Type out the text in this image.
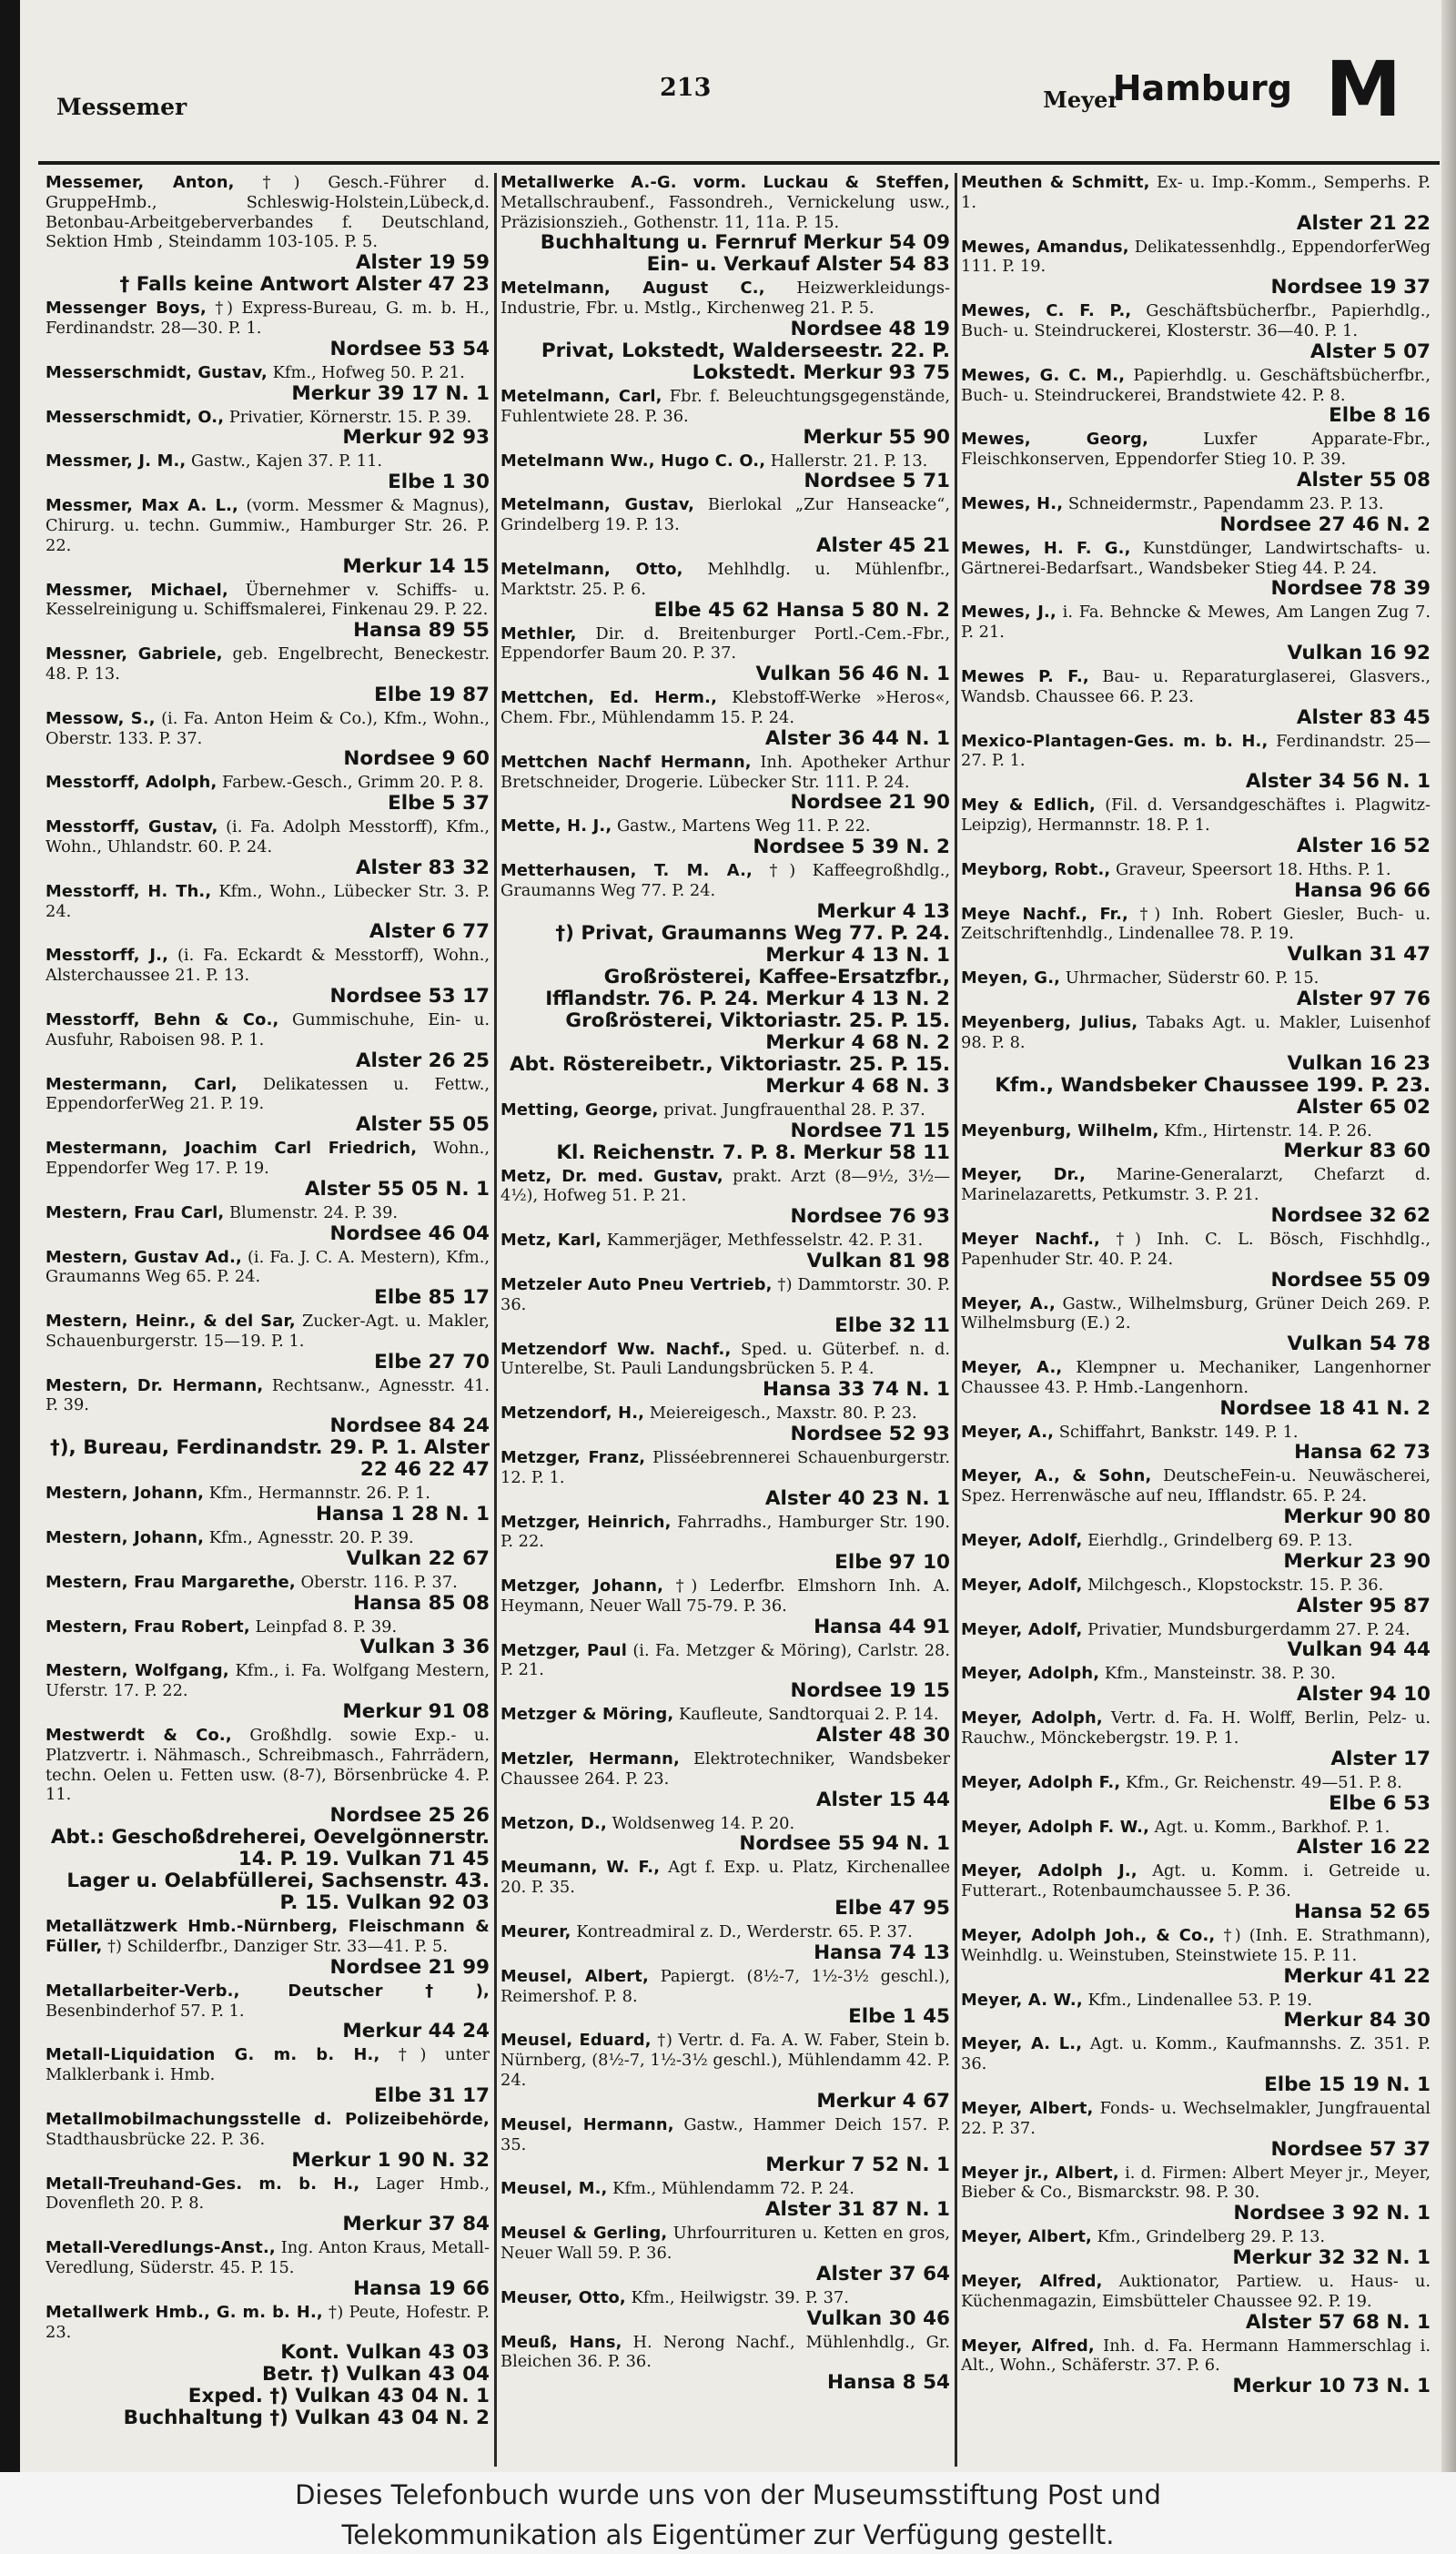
Messemer
213	Meyer
Hamburg M

Messemer, Anton, †) Gesch.-Führer d. GruppeHmb., Schleswig-Holstein,Lübeck,d. Betonbau-Arbeitgeberverbandes f. Deutschland, Sektion Hmb , Steindamm 103-105. P. 5.
Alster 19 59
† Falls keine Antwort Alster 47 23

Messenger Boys, †) Express-Bureau, G. m. b. H., Ferdinandstr. 28—30. P. 1.
Nordsee 53 54

Messerschmidt, Gustav, Kfm., Hofweg 50. P. 21.
Merkur 39 17 N. 1

Messerschmidt, O., Privatier, Körnerstr. 15. P. 39.
Merkur 92 93

Messmer, J. M., Gastw., Kajen 37. P. 11.
Elbe 1 30

Messmer, Max A. L., (vorm. Messmer & Magnus), Chirurg. u. techn. Gummiw., Hamburger Str. 26. P. 22.
Merkur 14 15

Messmer, Michael, Übernehmer v. Schiffs- u. Kesselreinigung u. Schiffsmalerei, Finkenau 29. P. 22.
Hansa 89 55

Messner, Gabriele, geb. Engelbrecht, Beneckestr. 48. P. 13.
Elbe 19 87

Messow, S., (i. Fa. Anton Heim & Co.), Kfm., Wohn., Oberstr. 133. P. 37.
Nordsee 9 60

Messtorff, Adolph, Farbew.-Gesch., Grimm 20. P. 8.
Elbe 5 37

Messtorff, Gustav, (i. Fa. Adolph Messtorff), Kfm., Wohn., Uhlandstr. 60. P. 24.
Alster 83 32

Messtorff, H. Th., Kfm., Wohn., Lübecker Str. 3. P. 24.
Alster 6 77

Messtorff, J., (i. Fa. Eckardt & Messtorff), Wohn., Alsterchaussee 21. P. 13.
Nordsee 53 17

Messtorff, Behn & Co., Gummischuhe, Ein- u. Ausfuhr, Raboisen 98. P. 1.
Alster 26 25

Mestermann, Carl, Delikatessen u. Fettw., EppendorferWeg 21. P. 19.
Alster 55 05

Mestermann, Joachim Carl Friedrich, Wohn., Eppendorfer Weg 17. P. 19.
Alster 55 05 N. 1

Mestern, Frau Carl, Blumenstr. 24. P. 39.
Nordsee 46 04

Mestern, Gustav Ad., (i. Fa. J. C. A. Mestern), Kfm., Graumanns Weg 65. P. 24.
Elbe 85 17

Mestern, Heinr., & del Sar, Zucker-Agt. u. Makler, Schauenburgerstr. 15—19. P. 1.
Elbe 27 70

Mestern, Dr. Hermann, Rechtsanw., Agnesstr. 41. P. 39.
Nordsee 84 24
†), Bureau, Ferdinandstr. 29. P. 1. Alster 22 46 22 47

Mestern, Johann, Kfm., Hermannstr. 26. P. 1.
Hansa 1 28 N. 1

Mestern, Johann, Kfm., Agnesstr. 20. P. 39.
Vulkan 22 67

Mestern, Frau Margarethe, Oberstr. 116. P. 37.
Hansa 85 08

Mestern, Frau Robert, Leinpfad 8. P. 39.
Vulkan 3 36

Mestern, Wolfgang, Kfm., i. Fa. Wolfgang Mestern, Uferstr. 17. P. 22.
Merkur 91 08

Mestwerdt & Co., Großhdlg. sowie Exp.- u. Platzvertr. i. Nähmasch., Schreibmasch., Fahrrädern, techn. Oelen u. Fetten usw. (8-7), Börsenbrücke 4. P. 11.
Nordsee 25 26
Abt.: Geschoßdreherei, Oevelgönnerstr. 14. P. 19. Vulkan 71 45
Lager u. Oelabfüllerei, Sachsenstr. 43. P. 15. Vulkan 92 03

Metallätzwerk Hmb.-Nürnberg, Fleischmann & Füller, †) Schilderfbr., Danziger Str. 33—41. P. 5.
Nordsee 21 99

Metallarbeiter-Verb., Deutscher†), Besenbinderhof 57. P. 1.
Merkur 44 24

Metall-Liquidation G. m. b. H., †) unter Malklerbank i. Hmb.
Elbe 31 17

Metallmobilmachungsstelle d. Polizeibehörde, Stadthausbrücke 22. P. 36.
Merkur 1 90 N. 32

Metall-Treuhand-Ges. m. b. H., Lager Hmb., Dovenfleth 20. P. 8.
Merkur 37 84

Metall-Veredlungs-Anst., Ing. Anton Kraus, Metall-Veredlung, Süderstr. 45. P. 15.
Hansa 19 66

Metallwerk Hmb., G. m. b. H., †) Peute, Hofestr. P. 23.
Kont. Vulkan 43 03
Betr. †) Vulkan 43 04
Exped. †) Vulkan 43 04 N. 1
Buchhaltung †) Vulkan 43 04 N. 2

Metallwerke A.-G. vorm. Luckau & Steffen, Metallschraubenf., Fassondreh., Vernickelung usw., Präzisionszieh., Gothenstr. 11, 11a. P. 15.
Buchhaltung u. Fernruf Merkur 54 09
Ein- u. Verkauf Alster 54 83

Metelmann, August C., Heizwerkleidungs-Industrie, Fbr. u. Mstlg., Kirchenweg 21. P. 5.
Nordsee 48 19
Privat, Lokstedt, Walderseestr. 22. P. Lokstedt. Merkur 93 75

Metelmann, Carl, Fbr. f. Beleuchtungsgegenstände, Fuhlentwiete 28. P. 36.
Merkur 55 90

Metelmann Ww., Hugo C. O., Hallerstr. 21. P. 13.
Nordsee 5 71

Metelmann, Gustav, Bierlokal „Zur Hanseacke“, Grindelberg 19. P. 13.
Alster 45 21

Metelmann, Otto, Mehlhdlg. u. Mühlenfbr., Marktstr. 25. P. 6.
Elbe 45 62 Hansa 5 80 N. 2

Methler, Dir. d. Breitenburger Portl.-Cem.-Fbr., Eppendorfer Baum 20. P. 37.
Vulkan 56 46 N. 1

Mettchen, Ed. Herm., Klebstoff-Werke »Heros«, Chem. Fbr., Mühlendamm 15. P. 24.
Alster 36 44 N. 1

Mettchen Nachf Hermann, Inh. Apotheker Arthur Bretschneider, Drogerie. Lübecker Str. 111. P. 24.
Nordsee 21 90

Mette, H. J., Gastw., Martens Weg 11. P. 22.
Nordsee 5 39 N. 2

Metterhausen, T. M. A., †) Kaffeegroßhdlg., Graumanns Weg 77. P. 24.
Merkur 4 13
†) Privat, Graumanns Weg 77. P. 24. Merkur 4 13 N. 1
Großrösterei, Kaffee-Ersatzfbr., Ifflandstr. 76. P. 24. Merkur 4 13 N. 2
Großrösterei, Viktoriastr. 25. P. 15. Merkur 4 68 N. 2
Abt. Röstereibetr., Viktoriastr. 25. P. 15. Merkur 4 68 N. 3

Metting, George, privat. Jungfrauenthal 28. P. 37.
Nordsee 71 15
Kl. Reichenstr. 7. P. 8. Merkur 58 11

Metz, Dr. med. Gustav, prakt. Arzt (8—9½, 3½—4½), Hofweg 51. P. 21.
Nordsee 76 93

Metz, Karl, Kammerjäger, Methfesselstr. 42. P. 31.
Vulkan 81 98

Metzeler Auto Pneu Vertrieb, †) Dammtorstr. 30. P. 36.
Elbe 32 11

Metzendorf Ww. Nachf., Sped. u. Güterbef. n. d. Unterelbe, St. Pauli Landungsbrücken 5. P. 4.
Hansa 33 74 N. 1

Metzendorf, H., Meiereigesch., Maxstr. 80. P. 23.
Nordsee 52 93

Metzger, Franz, Plisséebrennerei Schauenburgerstr. 12. P. 1.
Alster 40 23 N. 1

Metzger, Heinrich, Fahrradhs., Hamburger Str. 190. P. 22.
Elbe 97 10

Metzger, Johann, †) Lederfbr. Elmshorn Inh. A. Heymann, Neuer Wall 75-79. P. 36.
Hansa 44 91

Metzger, Paul (i. Fa. Metzger & Möring), Carlstr. 28. P. 21.
Nordsee 19 15

Metzger & Möring, Kaufleute, Sandtorquai 2. P. 14.
Alster 48 30

Metzler, Hermann, Elektrotechniker, Wandsbeker Chaussee 264. P. 23.
Alster 15 44

Metzon, D., Woldsenweg 14. P. 20.
Nordsee 55 94 N. 1

Meumann, W. F., Agt f. Exp. u. Platz, Kirchenallee 20. P. 35.
Elbe 47 95

Meurer, Kontreadmiral z. D., Werderstr. 65. P. 37.
Hansa 74 13

Meusel, Albert, Papiergt. (8½-7, 1½-3½ geschl.), Reimershof. P. 8.
Elbe 1 45

Meusel, Eduard, †) Vertr. d. Fa. A. W. Faber, Stein b. Nürnberg, (8½-7, 1½-3½ geschl.), Mühlendamm 42. P. 24.
Merkur 4 67

Meusel, Hermann, Gastw., Hammer Deich 157. P. 35.
Merkur 7 52 N. 1

Meusel, M., Kfm., Mühlendamm 72. P. 24.
Alster 31 87 N. 1

Meusel & Gerling, Uhrfourrituren u. Ketten en gros, Neuer Wall 59. P. 36.
Alster 37 64

Meuser, Otto, Kfm., Heilwigstr. 39. P. 37.
Vulkan 30 46

Meuß, Hans, H. Nerong Nachf., Mühlenhdlg., Gr. Bleichen 36. P. 36.
Hansa 8 54

Meuthen & Schmitt, Ex- u. Imp.-Komm., Semperhs. P. 1.
Alster 21 22

Mewes, Amandus, Delikatessenhdlg., EppendorferWeg 111. P. 19.
Nordsee 19 37

Mewes, C. F. P., Geschäftsbücherfbr., Papierhdlg., Buch- u. Steindruckerei, Klosterstr. 36—40. P. 1.
Alster 5 07

Mewes, G. C. M., Papierhdlg. u. Geschäftsbücherfbr., Buch- u. Steindruckerei, Brandstwiete 42. P. 8.
Elbe 8 16

Mewes, Georg, Luxfer Apparate-Fbr., Fleischkonserven, Eppendorfer Stieg 10. P. 39.
Alster 55 08

Mewes, H., Schneidermstr., Papendamm 23. P. 13.
Nordsee 27 46 N. 2

Mewes, H. F. G., Kunstdünger, Landwirtschafts- u. Gärtnerei-Bedarfsart., Wandsbeker Stieg 44. P. 24.
Nordsee 78 39

Mewes, J., i. Fa. Behncke & Mewes, Am Langen Zug 7. P. 21.
Vulkan 16 92

Mewes P. F., Bau- u. Reparaturglaserei, Glasvers., Wandsb. Chaussee 66. P. 23.
Alster 83 45

Mexico-Plantagen-Ges. m. b. H., Ferdinandstr. 25—27. P. 1.
Alster 34 56 N. 1

Mey & Edlich, (Fil. d. Versandgeschäftes i. Plagwitz-Leipzig), Hermannstr. 18. P. 1.
Alster 16 52

Meyborg, Robt., Graveur, Speersort 18. Hths. P. 1.
Hansa 96 66

Meye Nachf., Fr., †) Inh. Robert Giesler, Buch- u. Zeitschriftenhdlg., Lindenallee 78. P. 19.
Vulkan 31 47

Meyen, G., Uhrmacher, Süderstr 60. P. 15.
Alster 97 76

Meyenberg, Julius, Tabaks Agt. u. Makler, Luisenhof 98. P. 8.
Vulkan 16 23
Kfm., Wandsbeker Chaussee 199. P. 23. Alster 65 02

Meyenburg, Wilhelm, Kfm., Hirtenstr. 14. P. 26.
Merkur 83 60

Meyer, Dr., Marine-Generalarzt, Chefarzt d. Marinelazaretts, Petkumstr. 3. P. 21.
Nordsee 32 62

Meyer Nachf., †) Inh. C. L. Bösch, Fischhdlg., Papenhuder Str. 40. P. 24.
Nordsee 55 09

Meyer, A., Gastw., Wilhelmsburg, Grüner Deich 269. P. Wilhelmsburg (E.) 2.
Vulkan 54 78

Meyer, A., Klempner u. Mechaniker, Langenhorner Chaussee 43. P. Hmb.-Langenhorn.
Nordsee 18 41 N. 2

Meyer, A., Schiffahrt, Bankstr. 149. P. 1.
Hansa 62 73

Meyer, A., & Sohn, DeutscheFein-u. Neuwäscherei, Spez. Herrenwäsche auf neu, Ifflandstr. 65. P. 24.
Merkur 90 80

Meyer, Adolf, Eierhdlg., Grindelberg 69. P. 13.
Merkur 23 90

Meyer, Adolf, Milchgesch., Klopstockstr. 15. P. 36.
Alster 95 87

Meyer, Adolf, Privatier, Mundsburgerdamm 27. P. 24.
Vulkan 94 44

Meyer, Adolph, Kfm., Mansteinstr. 38. P. 30.
Alster 94 10

Meyer, Adolph, Vertr. d. Fa. H. Wolff, Berlin, Pelz- u. Rauchw., Mönckebergstr. 19. P. 1.
Alster 17

Meyer, Adolph F., Kfm., Gr. Reichenstr. 49—51. P. 8.
Elbe 6 53

Meyer, Adolph F. W., Agt. u. Komm., Barkhof. P. 1.
Alster 16 22

Meyer, Adolph J., Agt. u. Komm. i. Getreide u. Futterart., Rotenbaumchaussee 5. P. 36.
Hansa 52 65

Meyer, Adolph Joh., & Co., †) (Inh. E. Strathmann), Weinhdlg. u. Weinstuben, Steinstwiete 15. P. 11.
Merkur 41 22

Meyer, A. W., Kfm., Lindenallee 53. P. 19.
Merkur 84 30

Meyer, A. L., Agt. u. Komm., Kaufmannshs. Z. 351. P. 36.
Elbe 15 19 N. 1

Meyer, Albert, Fonds- u. Wechselmakler, Jungfrauental 22. P. 37.
Nordsee 57 37

Meyer jr., Albert, i. d. Firmen: Albert Meyer jr., Meyer, Bieber & Co., Bismarckstr. 98. P. 30.
Nordsee 3 92 N. 1

Meyer, Albert, Kfm., Grindelberg 29. P. 13.
Merkur 32 32 N. 1

Meyer, Alfred, Auktionator, Partiew. u. Haus- u. Küchenmagazin, Eimsbütteler Chaussee 92. P. 19.
Alster 57 68 N. 1

Meyer, Alfred, Inh. d. Fa. Hermann Hammerschlag i. Alt., Wohn., Schäferstr. 37. P. 6.
Merkur 10 73 N. 1

Dieses Telefonbuch wurde uns von der Museumsstiftung Post und
Telekommunikation als Eigentümer zur Verfügung gestellt.
